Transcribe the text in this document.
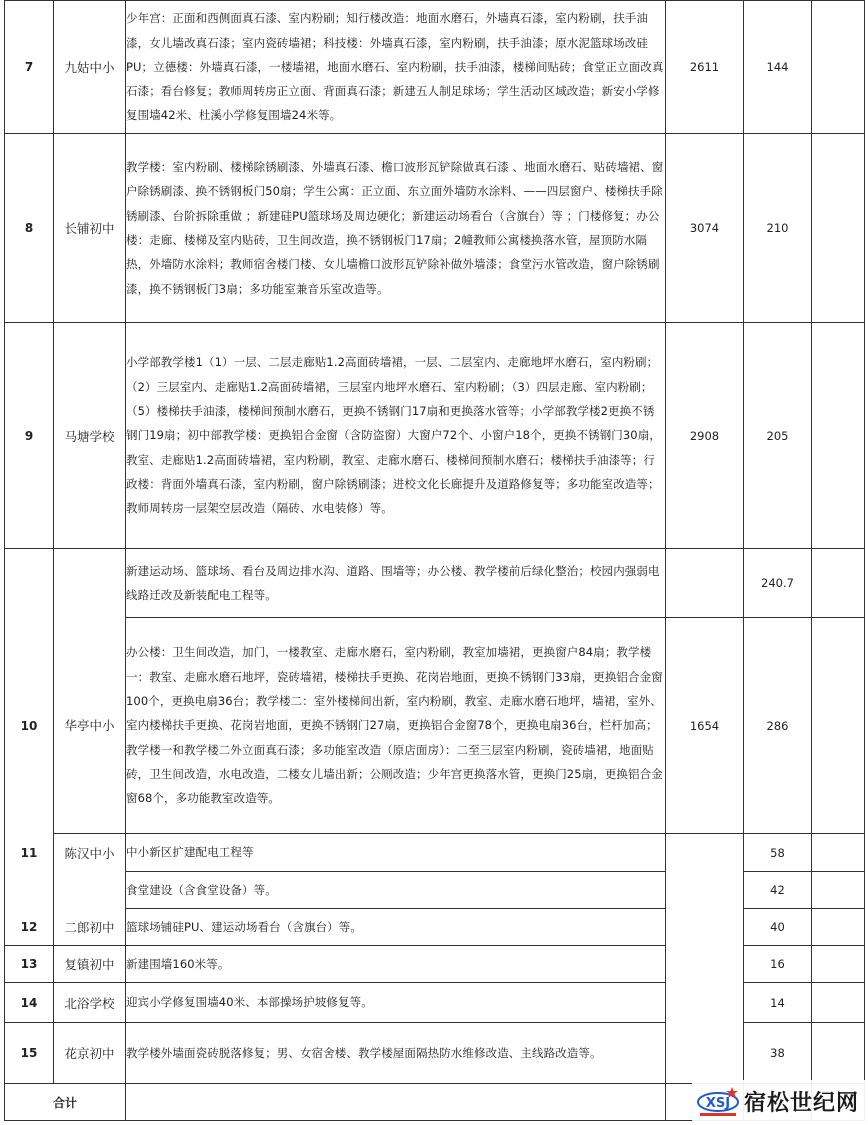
7	九姑中小	少年宫：正面和西侧面真石漆、室内粉刷；知行楼改造：地面水磨石，外墙真石漆，室内粉刷，扶手油漆，女儿墙改真石漆；室内瓷砖墙裙；科技楼：外墙真石漆，室内粉刷，扶手油漆；原水泥篮球场改硅PU；立德楼：外墙真石漆，一楼墙裙，地面水磨石、室内粉刷，扶手油漆，楼梯间贴砖；食堂正立面改真石漆；看台修复；教师周转房正立面、背面真石漆；新建五人制足球场；学生活动区域改造；新安小学修复围墙42米、杜溪小学修复围墙24米等。	2611	144	
8	长铺初中	教学楼：室内粉刷、楼梯除锈刷漆、外墙真石漆、檐口波形瓦铲除做真石漆 、地面水磨石、贴砖墙裙、窗户除锈刷漆、换不锈钢板门50扇；学生公寓：正立面、东立面外墙防水涂料、——四层窗户、楼梯扶手除锈刷漆、台阶拆除重做 ；新建硅PU篮球场及周边硬化；新建运动场看台（含旗台）等 ；门楼修复；办公楼：走廊、楼梯及室内贴砖，卫生间改造，换不锈钢板门17扇；2幢教师公寓楼换落水管，屋顶防水隔热，外墙防水涂料；教师宿舍楼门楼、女儿墙檐口波形瓦铲除补做外墙漆；食堂污水管改造，窗户除锈刷漆，换不锈钢板门3扇；多功能室兼音乐室改造等。	3074	210	
9	马塘学校	小学部教学楼1（1）一层、二层走廊贴1.2高面砖墙裙，一层、二层室内、走廊地坪水磨石，室内粉刷；（2）三层室内、走廊贴1.2高面砖墙裙，三层室内地坪水磨石、室内粉刷；（3）四层走廊、室内粉刷；（5）楼梯扶手油漆，楼梯间预制水磨石，更换不锈钢门17扇和更换落水管等；小学部教学楼2更换不锈钢门19扇；初中部教学楼：更换铝合金窗（含防盗窗）大窗户72个、小窗户18个，更换不锈钢门30扇，教室、走廊贴1.2高面砖墙裙，室内粉刷，教室、走廊水磨石、楼梯间预制水磨石；楼梯扶手油漆等；行政楼：背面外墙真石漆，室内粉刷，窗户除锈刷漆；进校文化长廊提升及道路修复等；多功能室改造等；教师周转房一层架空层改造（隔砖、水电装修）等。	2908	205	
		新建运动场、篮球场、看台及周边排水沟、道路、围墙等；办公楼、教学楼前后绿化整治；校园内强弱电线路迁改及新装配电工程等。		240.7	
10	华亭中小	办公楼：卫生间改造，加门，一楼教室、走廊水磨石，室内粉刷，教室加墙裙，更换窗户84扇；教学楼一：教室、走廊水磨石地坪，瓷砖墙裙，楼梯扶手更换、花岗岩地面，更换不锈钢门33扇，更换铝合金窗100个，更换电扇36台；教学楼二：室外楼梯间出新，室内粉刷，教室、走廊水磨石地坪，墙裙，室外、室内楼梯扶手更换、花岗岩地面，更换不锈钢门27扇，更换铝合金窗78个，更换电扇36台，栏杆加高；教学楼一和教学楼二外立面真石漆；多功能室改造（原店面房）：二至三层室内粉刷，瓷砖墙裙，地面贴砖，卫生间改造，水电改造，二楼女儿墙出新；公厕改造；少年宫更换落水管，更换门25扇，更换铝合金窗68个，多功能教室改造等。	1654	286	
11	陈汉中小	中小新区扩建配电工程等		58	
		食堂建设（含食堂设备）等。		42	
12	二郎初中	篮球场铺硅PU、建运动场看台（含旗台）等。		40	
13	复镇初中	新建围墙160米等。		16	
14	北浴学校	迎宾小学修复围墙40米、本部操场护坡修复等。		14	
15	花京初中	教学楼外墙面瓷砖脱落修复；男、女宿舍楼、教学楼屋面隔热防水维修改造、主线路改造等。		38	
合计						XSJ 宿松世纪网
